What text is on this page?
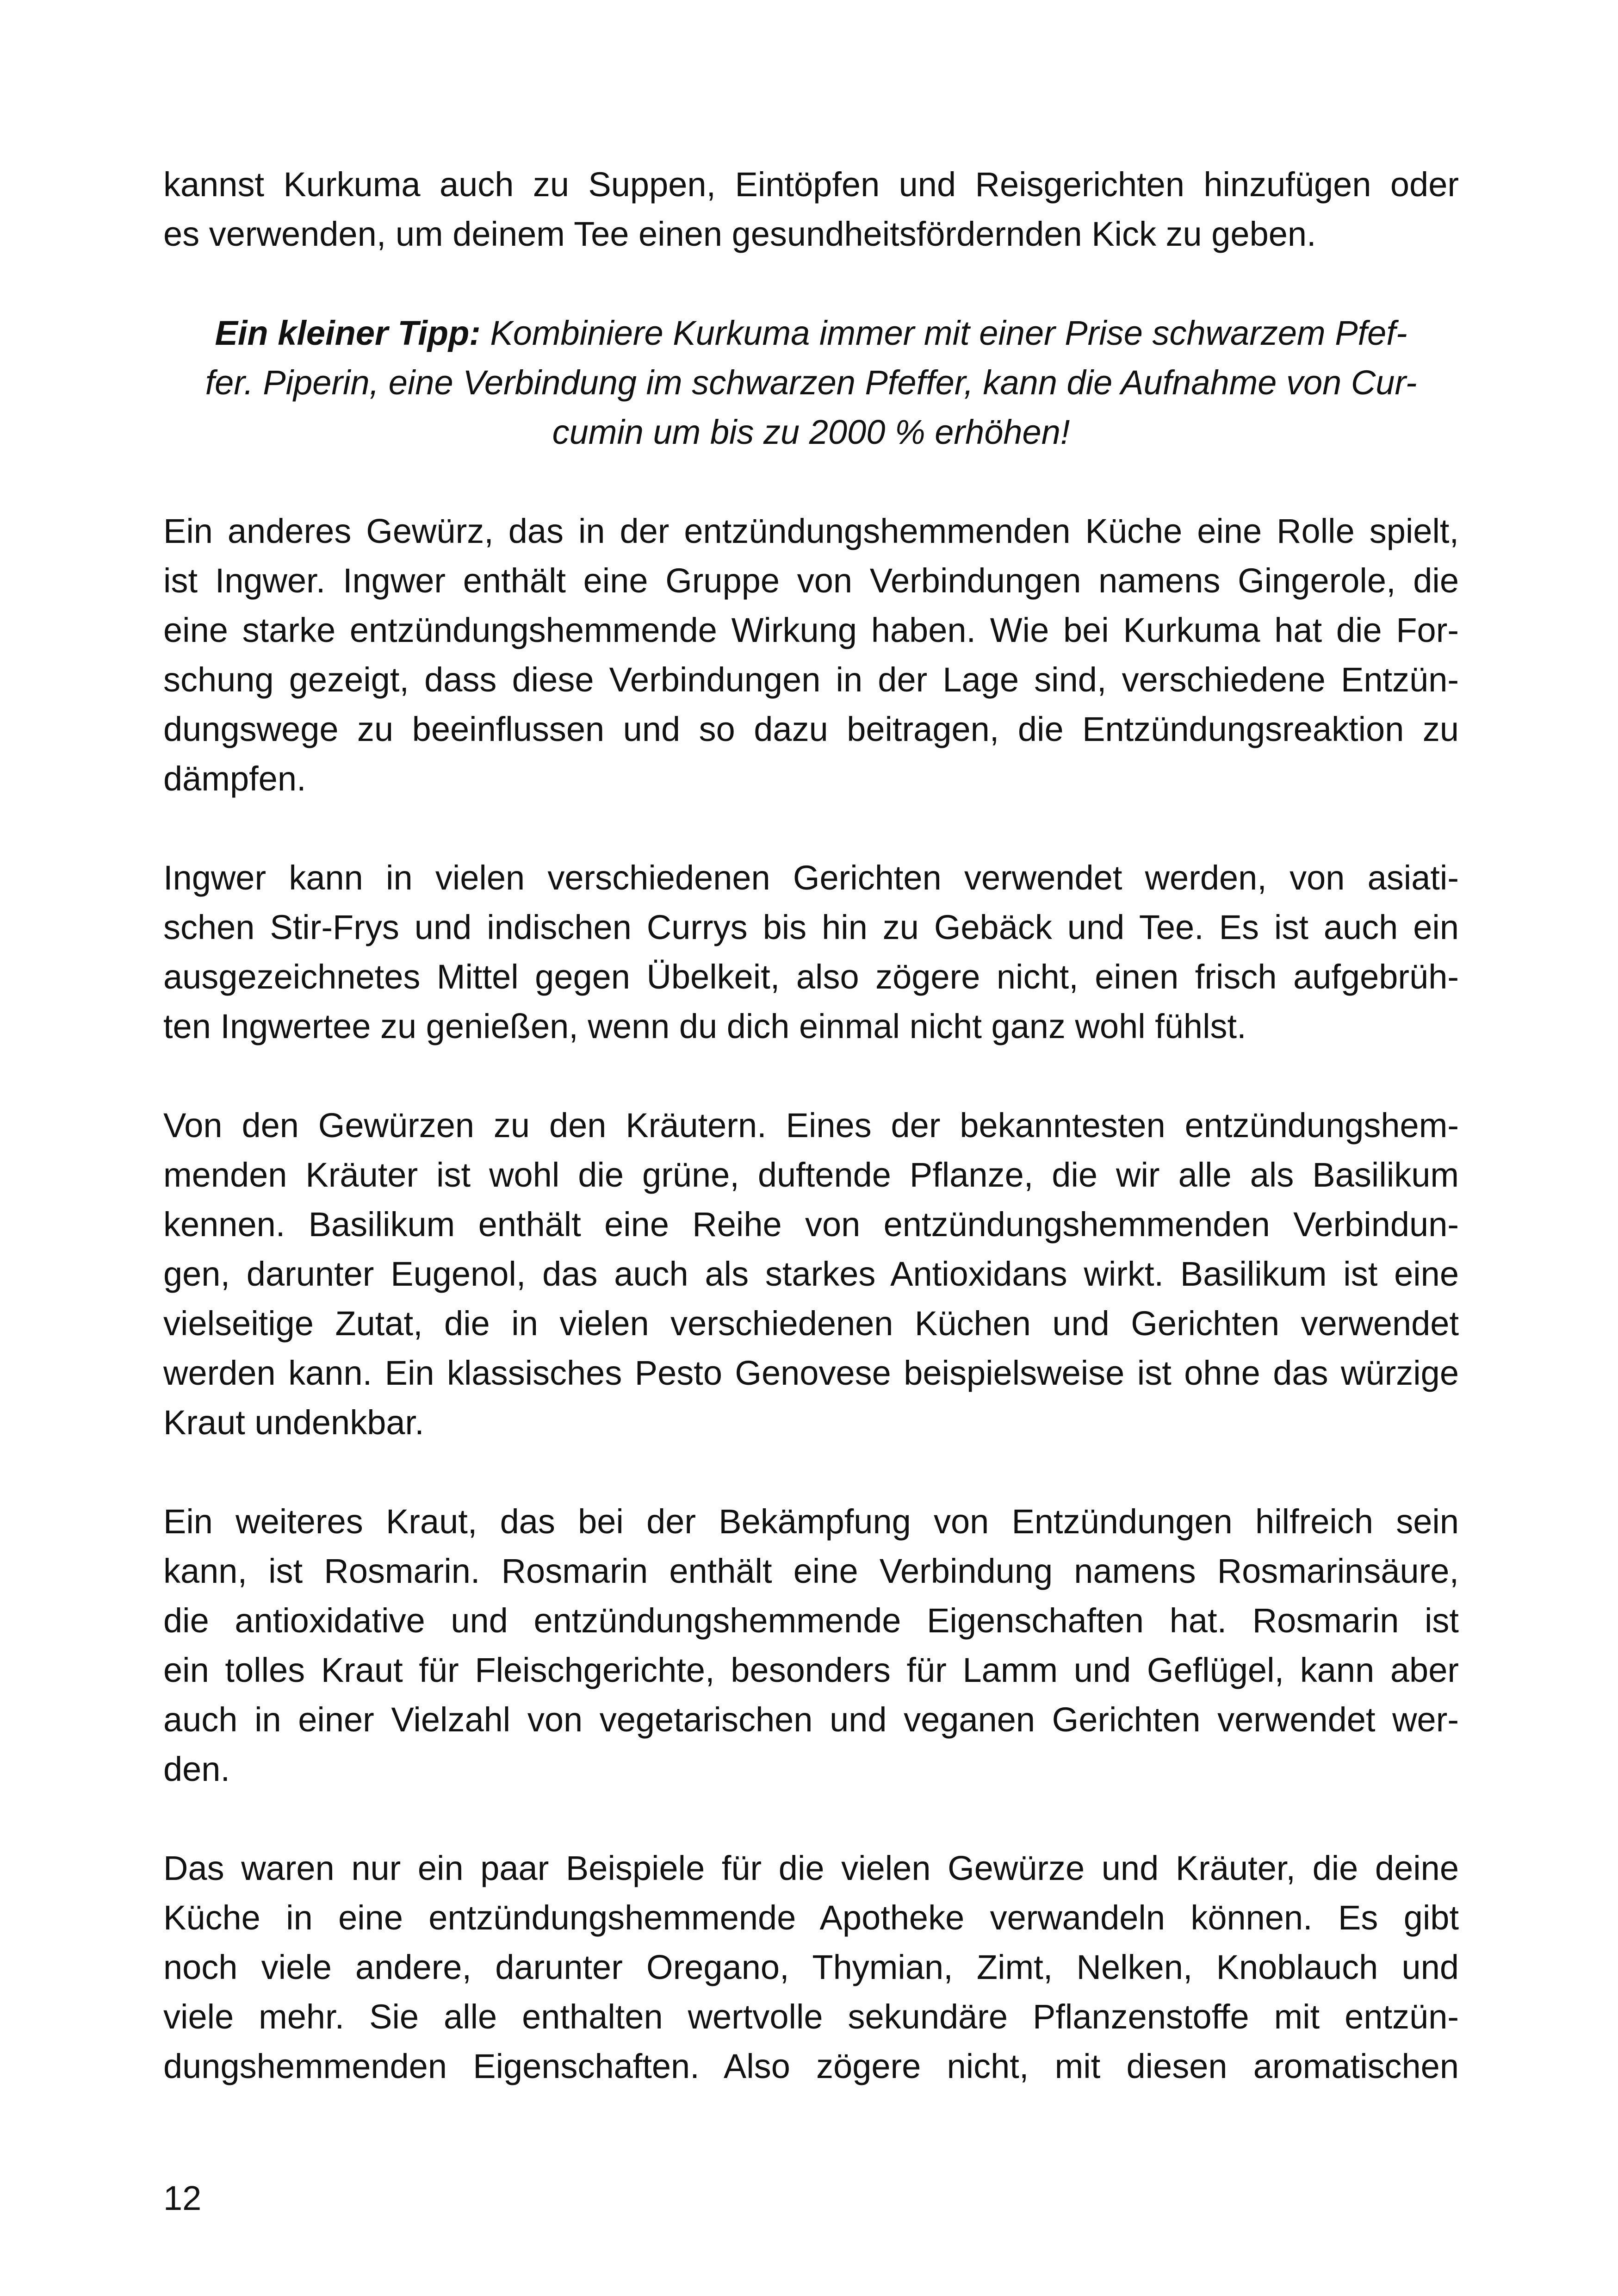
kannst Kurkuma auch zu Suppen, Eintöpfen und Reisgerichten hinzufügen oder
es verwenden, um deinem Tee einen gesundheitsfördernden Kick zu geben.

Ein kleiner Tipp: Kombiniere Kurkuma immer mit einer Prise schwarzem Pfef-
fer. Piperin, eine Verbindung im schwarzen Pfeffer, kann die Aufnahme von Cur-
cumin um bis zu 2000 % erhöhen!

Ein anderes Gewürz, das in der entzündungshemmenden Küche eine Rolle spielt,
ist Ingwer. Ingwer enthält eine Gruppe von Verbindungen namens Gingerole, die
eine starke entzündungshemmende Wirkung haben. Wie bei Kurkuma hat die For-
schung gezeigt, dass diese Verbindungen in der Lage sind, verschiedene Entzün-
dungswege zu beeinflussen und so dazu beitragen, die Entzündungsreaktion zu
dämpfen.

Ingwer kann in vielen verschiedenen Gerichten verwendet werden, von asiati-
schen Stir-Frys und indischen Currys bis hin zu Gebäck und Tee. Es ist auch ein
ausgezeichnetes Mittel gegen Übelkeit, also zögere nicht, einen frisch aufgebrüh-
ten Ingwertee zu genießen, wenn du dich einmal nicht ganz wohl fühlst.

Von den Gewürzen zu den Kräutern. Eines der bekanntesten entzündungshem-
menden Kräuter ist wohl die grüne, duftende Pflanze, die wir alle als Basilikum
kennen. Basilikum enthält eine Reihe von entzündungshemmenden Verbindun-
gen, darunter Eugenol, das auch als starkes Antioxidans wirkt. Basilikum ist eine
vielseitige Zutat, die in vielen verschiedenen Küchen und Gerichten verwendet
werden kann. Ein klassisches Pesto Genovese beispielsweise ist ohne das würzige
Kraut undenkbar.

Ein weiteres Kraut, das bei der Bekämpfung von Entzündungen hilfreich sein
kann, ist Rosmarin. Rosmarin enthält eine Verbindung namens Rosmarinsäure,
die antioxidative und entzündungshemmende Eigenschaften hat. Rosmarin ist
ein tolles Kraut für Fleischgerichte, besonders für Lamm und Geflügel, kann aber
auch in einer Vielzahl von vegetarischen und veganen Gerichten verwendet wer-
den.

Das waren nur ein paar Beispiele für die vielen Gewürze und Kräuter, die deine
Küche in eine entzündungshemmende Apotheke verwandeln können. Es gibt
noch viele andere, darunter Oregano, Thymian, Zimt, Nelken, Knoblauch und
viele mehr. Sie alle enthalten wertvolle sekundäre Pflanzenstoffe mit entzün-
dungshemmenden Eigenschaften. Also zögere nicht, mit diesen aromatischen

12
